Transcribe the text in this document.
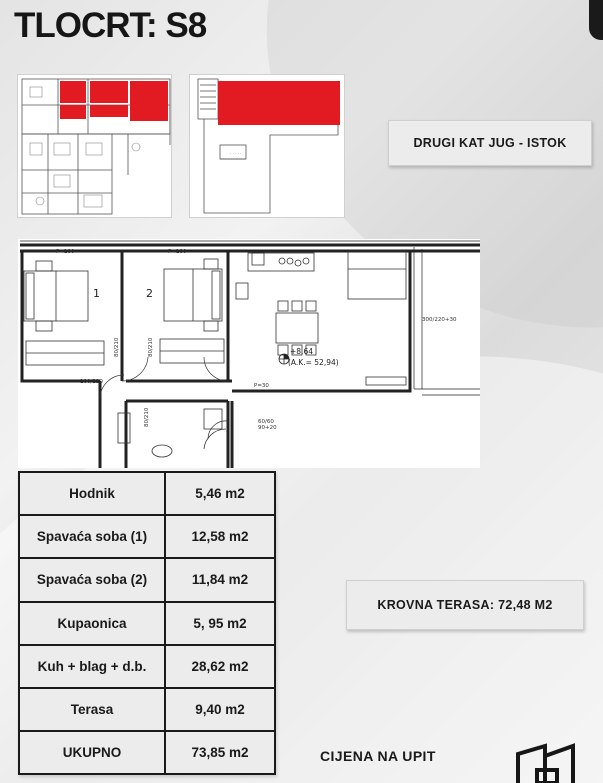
TLOCRT: S8
· · · · ·
DRUGI KAT JUG - ISTOK
1	2
+8.64
(A.K.= 52,94)
P=100	P=100
P=30
100/220
300/220+30
60/60
90+20
80/210	80/210
80/210
Hodnik	5,46 m2
Spavaća soba (1)	12,58 m2
Spavaća soba (2)	11,84 m2
Kupaonica	5, 95 m2
Kuh + blag + d.b.	28,62 m2
Terasa	9,40 m2
UKUPNO	73,85 m2
KROVNA TERASA: 72,48 M2
CIJENA NA UPIT
